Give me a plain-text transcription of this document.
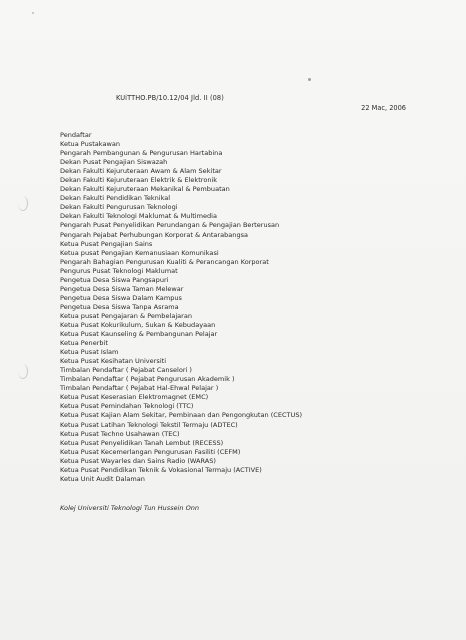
KUiTTHO.PB/10.12/04 Jld. II (08)
22 Mac, 2006
Pendaftar
Ketua Pustakawan
Pengarah Pembangunan & Pengurusan Hartabina
Dekan Pusat Pengajian Siswazah
Dekan Fakulti Kejuruteraan Awam & Alam Sekitar
Dekan Fakulti Kejuruteraan Elektrik & Elektronik
Dekan Fakulti Kejuruteraan Mekanikal & Pembuatan
Dekan Fakulti Pendidikan Teknikal
Dekan Fakulti Pengurusan Teknologi
Dekan Fakulti Teknologi Maklumat & Multimedia
Pengarah Pusat Penyelidikan Perundangan & Pengajian Berterusan
Pengarah Pejabat Perhubungan Korporat & Antarabangsa
Ketua Pusat Pengajian Sains
Ketua pusat Pengajian Kemanusiaan Komunikasi
Pengarah Bahagian Pengurusan Kualiti & Perancangan Korporat
Pengurus Pusat Teknologi Maklumat
Pengetua Desa Siswa Pangsapuri
Pengetua Desa Siswa Taman Melewar
Pengetua Desa Siswa Dalam Kampus
Pengetua Desa Siswa Tanpa Asrama
Ketua pusat Pengajaran & Pembelajaran
Ketua Pusat Kokurikulum, Sukan & Kebudayaan
Ketua Pusat Kaunseling & Pembangunan Pelajar
Ketua Penerbit
Ketua Pusat Islam
Ketua Pusat Kesihatan Universiti
Timbalan Pendaftar ( Pejabat Canselori )
Timbalan Pendaftar ( Pejabat Pengurusan Akademik )
Timbalan Pendaftar ( Pejabat Hal-Ehwal Pelajar )
Ketua Pusat Keserasian Elektromagnet (EMC)
Ketua Pusat Pemindahan Teknologi (TTC)
Ketua Pusat Kajian Alam Sekitar, Pembinaan dan Pengongkutan (CECTUS)
Ketua Pusat Latihan Teknologi Tekstil Termaju (ADTEC)
Ketua Pusat Techno Usahawan (TEC)
Ketua Pusat Penyelidikan Tanah Lembut (RECESS)
Ketua Pusat Kecemerlangan Pengurusan Fasiliti (CEFM)
Ketua Pusat Wayarles dan Sains Radio (WARAS)
Ketua Pusat Pendidikan Teknik & Vokasional Termaju (ACTIVE)
Ketua Unit Audit Dalaman
Kolej Universiti Teknologi Tun Hussein Onn
